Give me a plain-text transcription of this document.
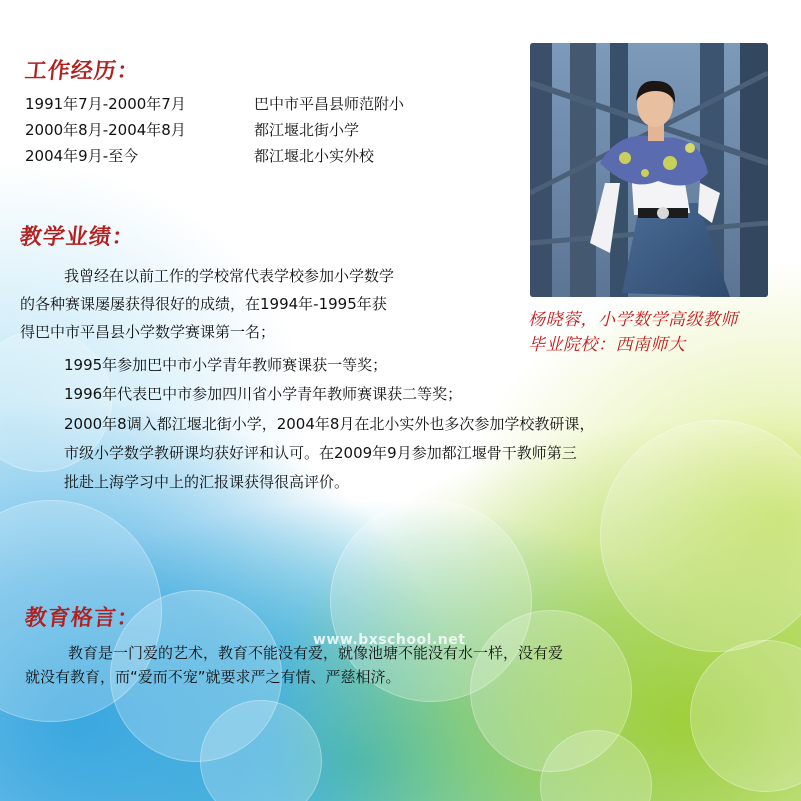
工作经历：
1991年7月-2000年7月	巴中市平昌县师范附小
2000年8月-2004年8月	都江堰北街小学
2004年9月-至今	都江堰北小实外校
杨晓蓉，小学数学高级教师
毕业院校：西南师大
教学业绩：

我曾经在以前工作的学校常代表学校参加小学数学

的各种赛课屡屡获得很好的成绩，在1994年-1995年获

得巴中市平昌县小学数学赛课第一名；

1995年参加巴中市小学青年教师赛课获一等奖；

1996年代表巴中市参加四川省小学青年教师赛课获二等奖；

2000年8调入都江堰北街小学，2004年8月在北小实外也多次参加学校教研课，

市级小学数学教研课均获好评和认可。在2009年9月参加都江堰骨干教师第三

批赴上海学习中上的汇报课获得很高评价。

教育格言：
www.bxschool.net

教育是一门爱的艺术，教育不能没有爱，就像池塘不能没有水一样，没有爱

就没有教育，而“爱而不宠”就要求严之有情、严慈相济。
